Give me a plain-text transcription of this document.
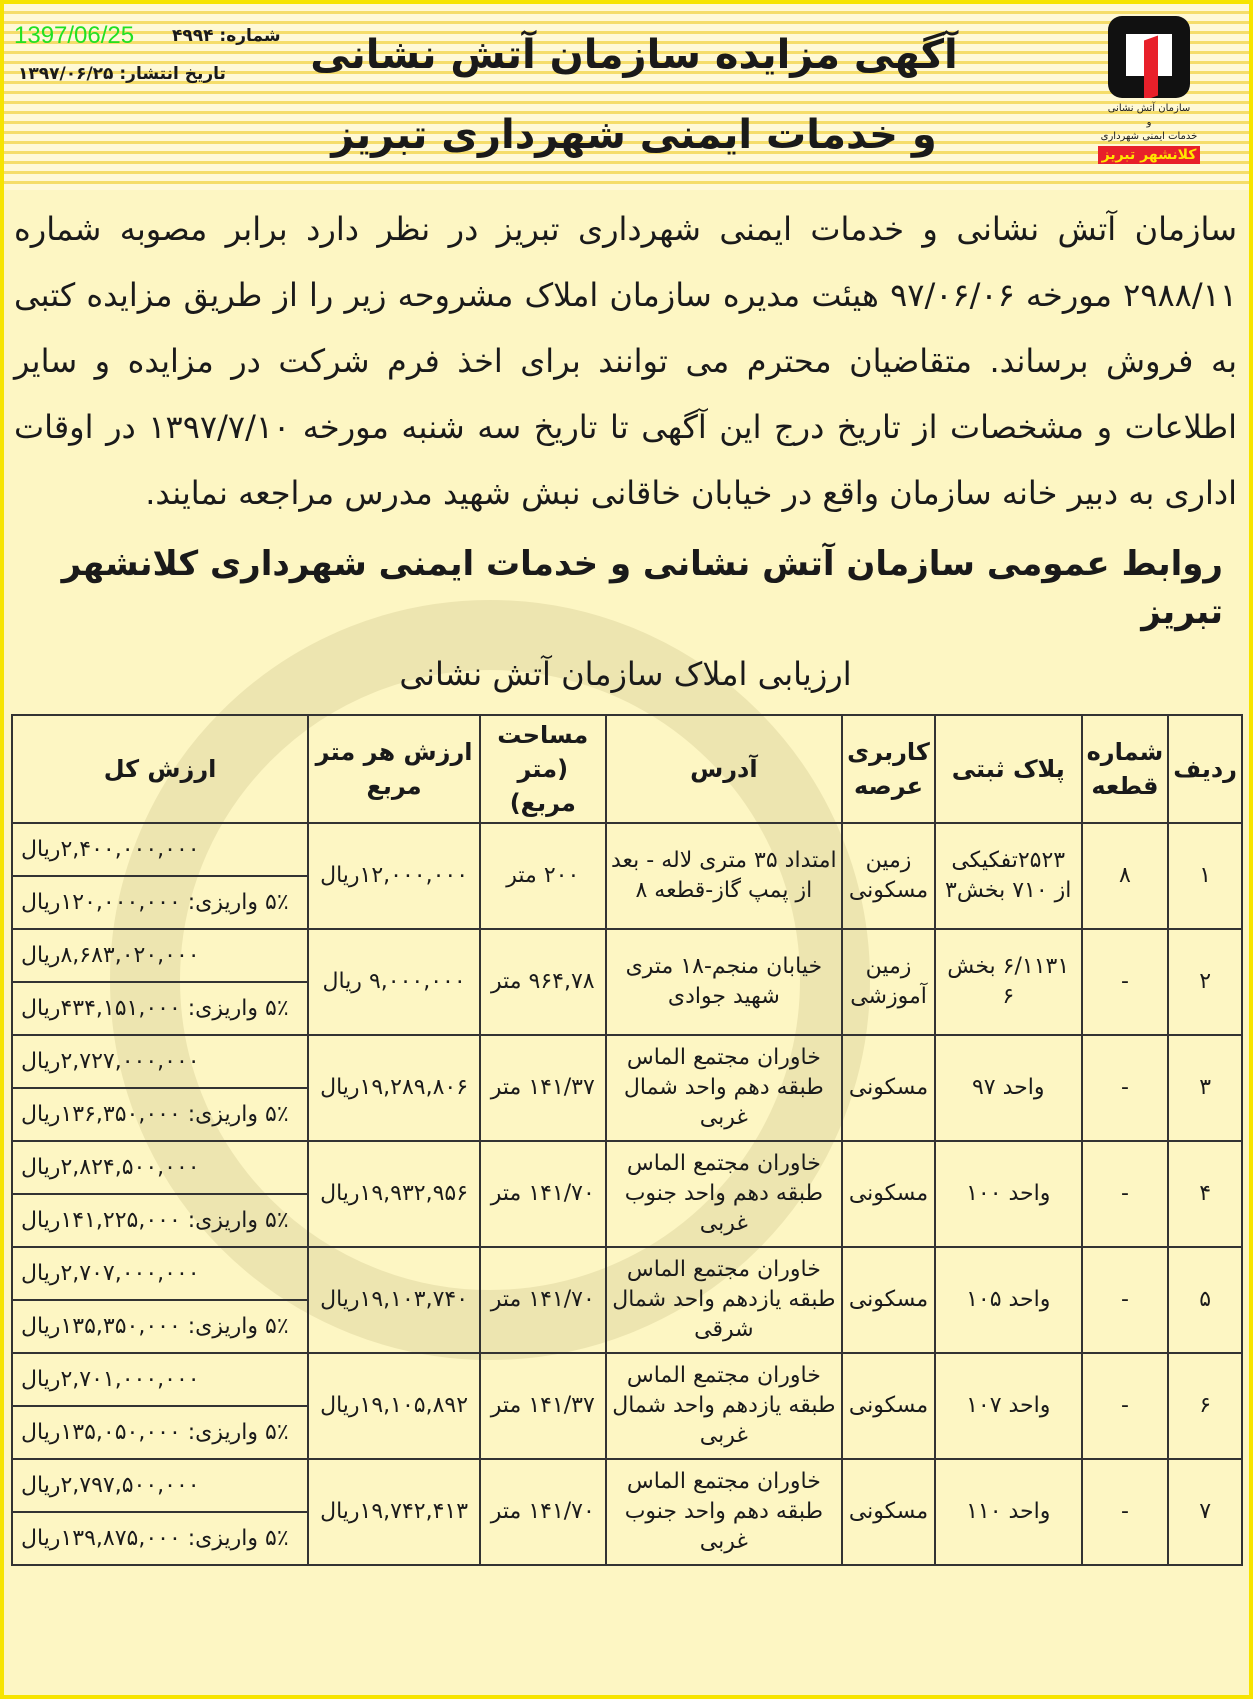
1397/06/25 شماره: ۴۹۹۴
تاریخ انتشار: ۱۳۹۷/۰۶/۲۵	آگهی مزایده سازمان آتش نشانی
و خدمات ایمنی شهرداری تبریز
سازمان آتش نشانی
و
خدمات ایمنی شهرداری
کلانشهر تبریز
سازمان آتش نشانی و خدمات ایمنی شهرداری تبریز در نظر دارد برابر مصوبه شماره ۲۹۸۸/۱۱ مورخه ۹۷/۰۶/۰۶ هیئت مدیره سازمان املاک مشروحه زیر را از طریق مزایده کتبی به فروش برساند. متقاضیان محترم می توانند برای اخذ فرم شرکت در مزایده و سایر اطلاعات و مشخصات از تاریخ درج این آگهی تا تاریخ سه شنبه مورخه ۱۳۹۷/۷/۱۰ در اوقات اداری به دبیر خانه سازمان واقع در خیابان خاقانی نبش شهید مدرس مراجعه نمایند.
روابط عمومی سازمان آتش نشانی و خدمات ایمنی شهرداری کلانشهر تبریز
ارزیابی املاک سازمان آتش نشانی
ردیف	شماره قطعه	پلاک ثبتی	کاربری عرصه	آدرس	مساحت (متر مربع)	ارزش هر متر مربع	ارزش کل
۱	۸	۲۵۲۳تفکیکی از ۷۱۰ بخش۳	زمین مسکونی	امتداد ۳۵ متری لاله - بعد از پمپ گاز-قطعه ۸	۲۰۰ متر	۱۲,۰۰۰,۰۰۰ریال	۲,۴۰۰,۰۰۰,۰۰۰ریال
							۵٪ واریزی: ۱۲۰,۰۰۰,۰۰۰ریال
۲	-	۶/۱۱۳۱ بخش ۶	زمین آموزشی	خیابان منجم-۱۸ متری شهید جوادی	۹۶۴,۷۸ متر	۹,۰۰۰,۰۰۰ ریال	۸,۶۸۳,۰۲۰,۰۰۰ریال
							۵٪ واریزی: ۴۳۴,۱۵۱,۰۰۰ریال
۳	-	واحد ۹۷	مسکونی	خاوران مجتمع الماس طبقه دهم واحد شمال غربی	۱۴۱/۳۷ متر	۱۹,۲۸۹,۸۰۶ریال	۲,۷۲۷,۰۰۰,۰۰۰ریال
							۵٪ واریزی: ۱۳۶,۳۵۰,۰۰۰ریال
۴	-	واحد ۱۰۰	مسکونی	خاوران مجتمع الماس طبقه دهم واحد جنوب غربی	۱۴۱/۷۰ متر	۱۹,۹۳۲,۹۵۶ریال	۲,۸۲۴,۵۰۰,۰۰۰ریال
							۵٪ واریزی: ۱۴۱,۲۲۵,۰۰۰ریال
۵	-	واحد ۱۰۵	مسکونی	خاوران مجتمع الماس طبقه یازدهم واحد شمال شرقی	۱۴۱/۷۰ متر	۱۹,۱۰۳,۷۴۰ریال	۲,۷۰۷,۰۰۰,۰۰۰ریال
							۵٪ واریزی: ۱۳۵,۳۵۰,۰۰۰ریال
۶	-	واحد ۱۰۷	مسکونی	خاوران مجتمع الماس طبقه یازدهم واحد شمال غربی	۱۴۱/۳۷ متر	۱۹,۱۰۵,۸۹۲ریال	۲,۷۰۱,۰۰۰,۰۰۰ریال
							۵٪ واریزی: ۱۳۵,۰۵۰,۰۰۰ریال
۷	-	واحد ۱۱۰	مسکونی	خاوران مجتمع الماس طبقه دهم واحد جنوب غربی	۱۴۱/۷۰ متر	۱۹,۷۴۲,۴۱۳ریال	۲,۷۹۷,۵۰۰,۰۰۰ریال
							۵٪ واریزی: ۱۳۹,۸۷۵,۰۰۰ریال
